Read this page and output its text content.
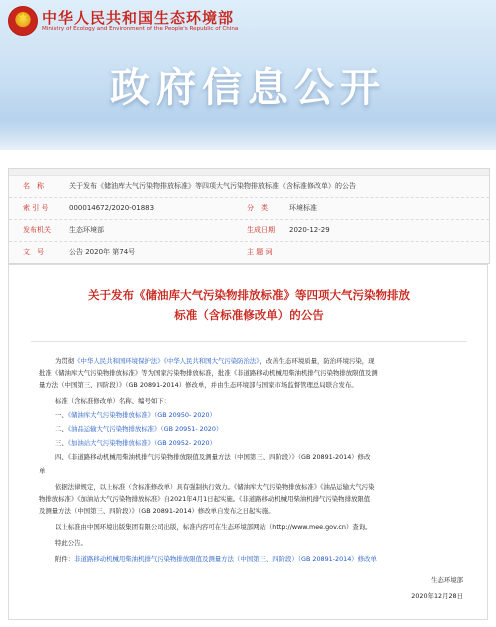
★ 中华人民共和国生态环境部
Ministry of Ecology and Environment of the People's Republic of China
政府信息公开
名　称	关于发布《储油库大气污染物排放标准》等四项大气污染物排放标准（含标准修改单）的公告
索 引 号	000014672/2020-01883	分　类	环境标准
发布机关	生态环境部	生成日期 2020-12-29
文　号	公告 2020年 第74号	主 题 词
关于发布《储油库大气污染物排放标准》等四项大气污染物排放
标准（含标准修改单）的公告
为贯彻《中华人民共和国环境保护法》《中华人民共和国大气污染防治法》，改善生态环境质量，防治环境污染，现
批准《储油库大气污染物排放标准》等为国家污染物排放标准，批准《非道路移动机械用柴油机排气污染物排放限值及测
量方法（中国第三、四阶段）》（GB 20891-2014）修改单，并由生态环境部与国家市场监督管理总局联合发布。
标准（含标准修改单）名称、编号如下：
一、《储油库大气污染物排放标准》（GB 20950- 2020）
二、《油品运输大气污染物排放标准》（GB 20951- 2020）
三、《加油站大气污染物排放标准》（GB 20952- 2020）
四、《非道路移动机械用柴油机排气污染物排放限值及测量方法（中国第三、四阶段）》（GB 20891-2014）修改
单
依据法律规定，以上标准（含标准修改单）具有强制执行效力。《储油库大气污染物排放标准》《油品运输大气污染
物排放标准》《加油站大气污染物排放标准》自2021年4月1日起实施。《非道路移动机械用柴油机排气污染物排放限值
及测量方法（中国第三、四阶段）》（GB 20891-2014）修改单自发布之日起实施。
以上标准由中国环境出版集团有限公司出版，标准内容可在生态环境部网站（http://www.mee.gov.cn）查询。
特此公告。
附件：非道路移动机械用柴油机排气污染物排放限值及测量方法（中国第三、四阶段）（GB 20891-2014）修改单
生态环境部
2020年12月28日
